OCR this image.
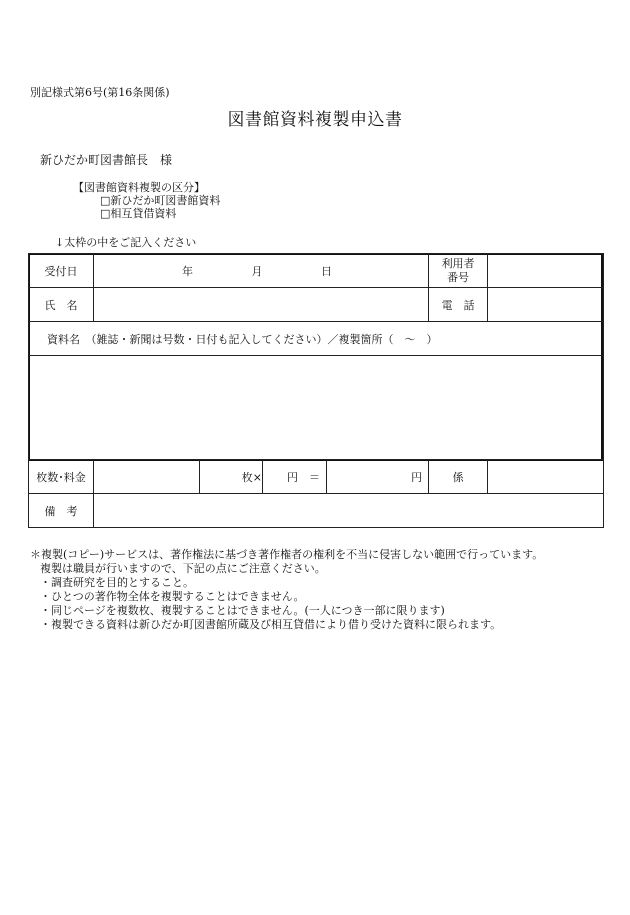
別記様式第6号(第16条関係)
図書館資料複製申込書
新ひだか町図書館長　様
【図書館資料複製の区分】
□新ひだか町図書館資料
□相互貸借資料
↓太枠の中をご記入ください
受付日	年 月 日				利用者
番号	

氏　名					電　話	
資料名　（雑誌・新聞は号数・日付も記入してください）／複製箇所（　～　）						

枚数･料金		枚×	円　＝	円	係	
備　考						
＊複製(コピー)サービスは、著作権法に基づき著作権者の権利を不当に侵害しない範囲で行っています。
複製は職員が行いますので、下記の点にご注意ください。
・調査研究を目的とすること。
・ひとつの著作物全体を複製することはできません。
・同じページを複数枚、複製することはできません。(一人につき一部に限ります)
・複製できる資料は新ひだか町図書館所蔵及び相互貸借により借り受けた資料に限られます。
